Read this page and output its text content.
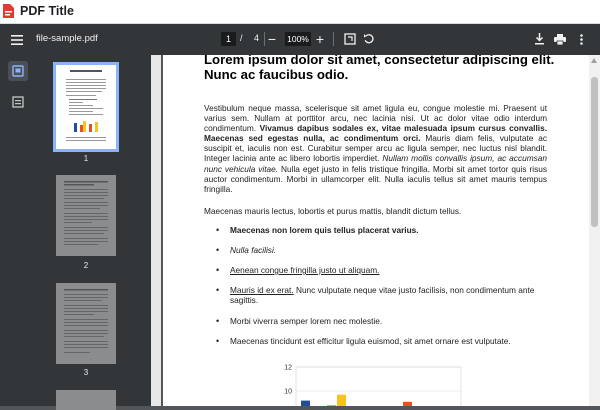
PDF Title
file-sample.pdf	1	/ 4 −	100% +
1
2
3
Lorem ipsum dolor sit amet, consectetur adipiscing elit. Nunc ac faucibus odio.
Vestibulum neque massa, scelerisque sit amet ligula eu, congue molestie mi. Praesent ut varius sem. Nullam at porttitor arcu, nec lacinia nisi. Ut ac dolor vitae odio interdum condimentum. Vivamus dapibus sodales ex, vitae malesuada ipsum cursus convallis. Maecenas sed egestas nulla, ac condimentum orci. Mauris diam felis, vulputate ac suscipit et, iaculis non est. Curabitur semper arcu ac ligula semper, nec luctus nisl blandit. Integer lacinia ante ac libero lobortis imperdiet. Nullam mollis convallis ipsum, ac accumsan nunc vehicula vitae. Nulla eget justo in felis tristique fringilla. Morbi sit amet tortor quis risus auctor condimentum. Morbi in ullamcorper elit. Nulla iaculis tellus sit amet mauris tempus fringilla.
Maecenas mauris lectus, lobortis et purus mattis, blandit dictum tellus.
• Maecenas non lorem quis tellus placerat varius.
• Nulla facilisi.
• Aenean congue fringilla justo ut aliquam.
• Mauris id ex erat. Nunc vulputate neque vitae justo facilisis, non condimentum ante sagittis.
• Morbi viverra semper lorem nec molestie.
• Maecenas tincidunt est efficitur ligula euismod, sit amet ornare est vulputate.
12
10
